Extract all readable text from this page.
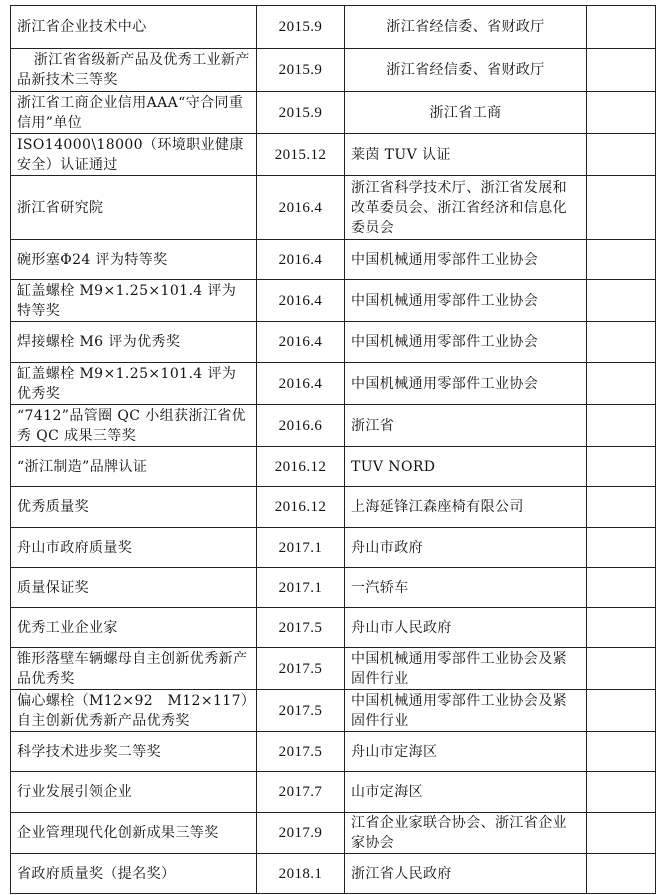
浙江省企业技术中心	2015.9	浙江省经信委、省财政厅	
浙江省省级新产品及优秀工业新产品新技术三等奖	2015.9	浙江省经信委、省财政厅	
浙江省工商企业信用AAA“守合同重信用”单位	2015.9	浙江省工商	
ISO14000\18000（环境职业健康安全）认证通过	2015.12	莱茵 TUV 认证	
浙江省研究院	2016.4	浙江省科学技术厅、浙江省发展和改革委员会、浙江省经济和信息化委员会	
碗形塞Φ24 评为特等奖	2016.4	中国机械通用零部件工业协会	
缸盖螺栓 M9×1.25×101.4 评为特等奖	2016.4	中国机械通用零部件工业协会	
焊接螺栓 M6 评为优秀奖	2016.4	中国机械通用零部件工业协会	
缸盖螺栓 M9×1.25×101.4 评为优秀奖	2016.4	中国机械通用零部件工业协会	
“7412”品管圈 QC 小组获浙江省优秀 QC 成果三等奖	2016.6	浙江省	
“浙江制造”品牌认证	2016.12	TUV NORD	
优秀质量奖	2016.12	上海延锋江森座椅有限公司	
舟山市政府质量奖	2017.1	舟山市政府	
质量保证奖	2017.1	一汽轿车	
优秀工业企业家	2017.5	舟山市人民政府	
锥形落壁车辆螺母自主创新优秀新产品优秀奖	2017.5	中国机械通用零部件工业协会及紧固件行业	
偏心螺栓（M12×92　M12×117）自主创新优秀新产品优秀奖	2017.5	中国机械通用零部件工业协会及紧固件行业	
科学技术进步奖二等奖	2017.5	舟山市定海区	
行业发展引领企业	2017.7	山市定海区	
企业管理现代化创新成果三等奖	2017.9	江省企业家联合协会、浙江省企业家协会	
省政府质量奖（提名奖）	2018.1	浙江省人民政府	
